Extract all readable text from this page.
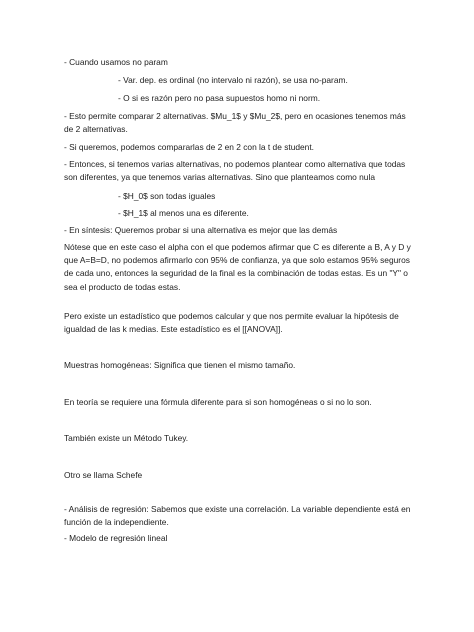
- Cuando usamos no param

- Var. dep. es ordinal (no intervalo ni razón), se usa no-param.

- O si es razón pero no pasa supuestos homo ni norm.

- Esto permite comparar 2 alternativas. $Mu_1$ y $Mu_2$, pero en ocasiones tenemos más de 2 alternativas.

- Si queremos, podemos compararlas de 2 en 2 con la t de student.

- Entonces, si tenemos varias alternativas, no podemos plantear como alternativa que todas son diferentes, ya que tenemos varias alternativas. Sino que planteamos como nula

- $H_0$ son todas iguales

- $H_1$ al menos una es diferente.

- En síntesis: Queremos probar si una alternativa es mejor que las demás

Nótese que en este caso el alpha con el que podemos afirmar que C es diferente a B, A y D y que A=B=D, no podemos afirmarlo con 95% de confianza, ya que solo estamos 95% seguros de cada uno, entonces la seguridad de la final es la combinación de todas estas. Es un "Y" o sea el producto de todas estas.

Pero existe un estadístico que podemos calcular y que nos permite evaluar la hipótesis de igualdad de las k medias. Este estadístico es el [[ANOVA]].

Muestras homogéneas: Significa que tienen el mismo tamaño.

En teoría se requiere una fórmula diferente para si son homogéneas o si no lo son.

También existe un Método Tukey.

Otro se llama Schefe

- Análisis de regresión: Sabemos que existe una correlación. La variable dependiente está en función de la independiente.

- Modelo de regresión lineal
